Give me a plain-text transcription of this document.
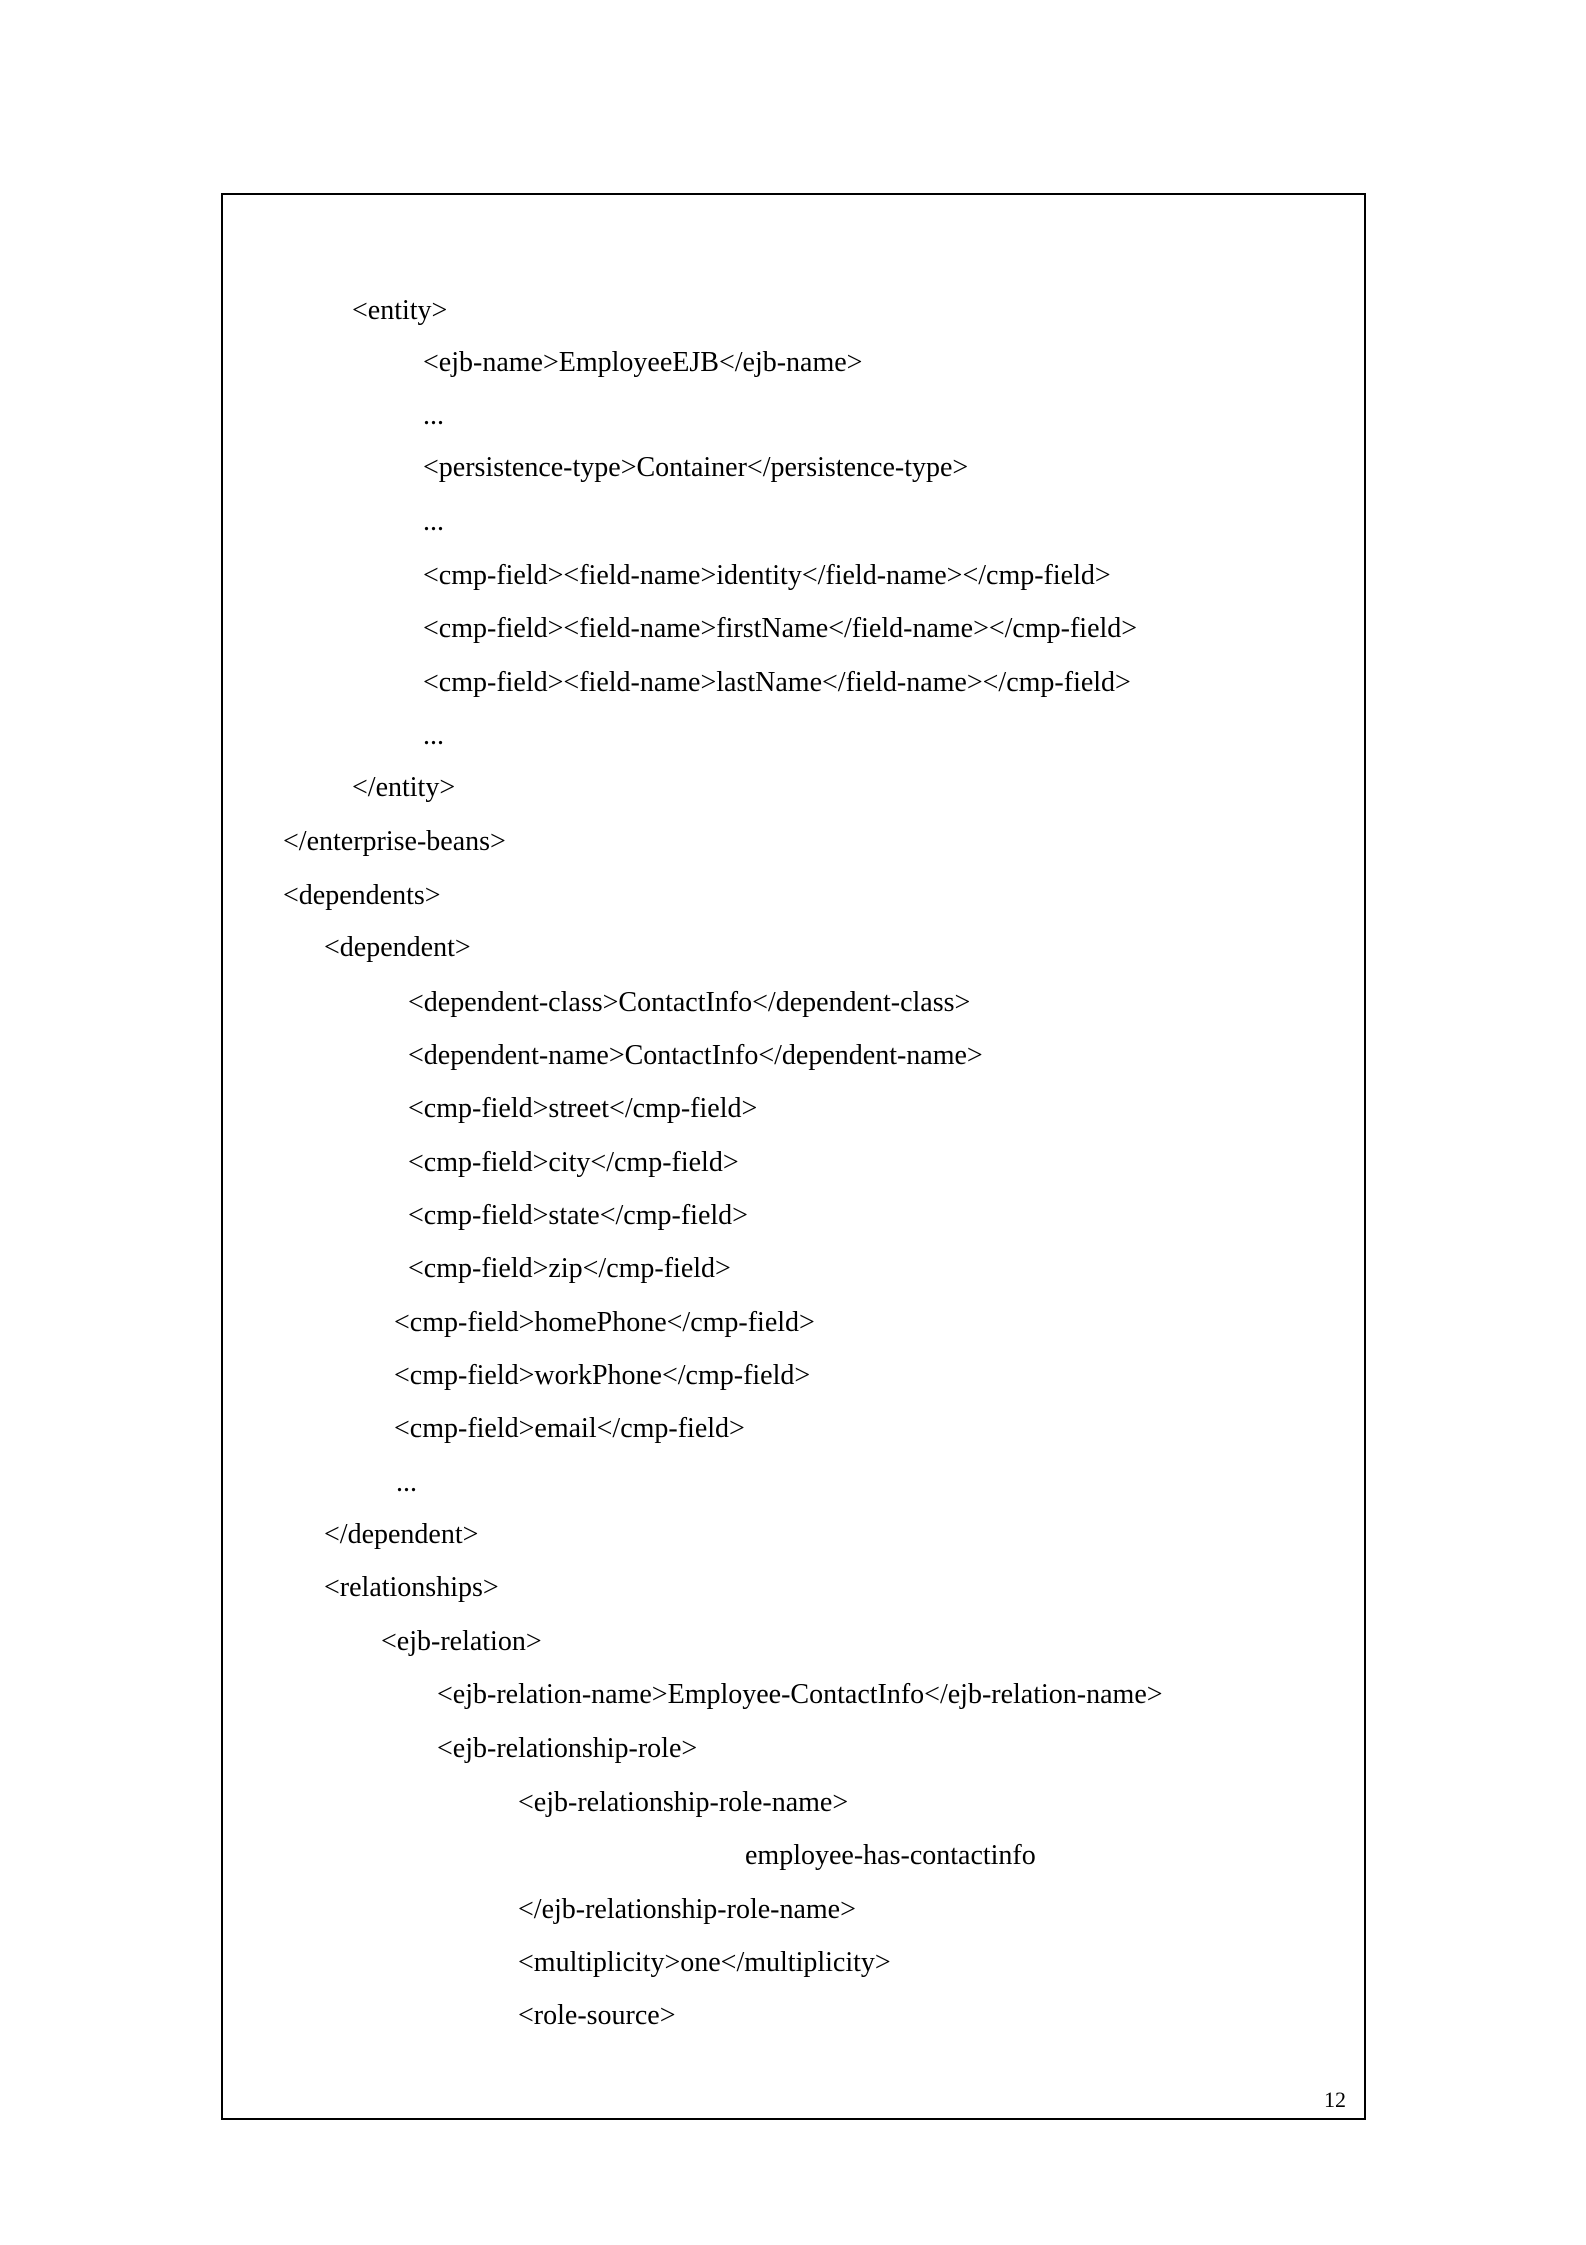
<entity>
<ejb-name>EmployeeEJB</ejb-name>
...
<persistence-type>Container</persistence-type>
...
<cmp-field><field-name>identity</field-name></cmp-field>
<cmp-field><field-name>firstName</field-name></cmp-field>
<cmp-field><field-name>lastName</field-name></cmp-field>
...
</entity>
</enterprise-beans>
<dependents>
<dependent>
<dependent-class>ContactInfo</dependent-class>
<dependent-name>ContactInfo</dependent-name>
<cmp-field>street</cmp-field>
<cmp-field>city</cmp-field>
<cmp-field>state</cmp-field>
<cmp-field>zip</cmp-field>
<cmp-field>homePhone</cmp-field>
<cmp-field>workPhone</cmp-field>
<cmp-field>email</cmp-field>
...
</dependent>
<relationships>
<ejb-relation>
<ejb-relation-name>Employee-ContactInfo</ejb-relation-name>
<ejb-relationship-role>
<ejb-relationship-role-name>
employee-has-contactinfo
</ejb-relationship-role-name>
<multiplicity>one</multiplicity>
<role-source>
12
